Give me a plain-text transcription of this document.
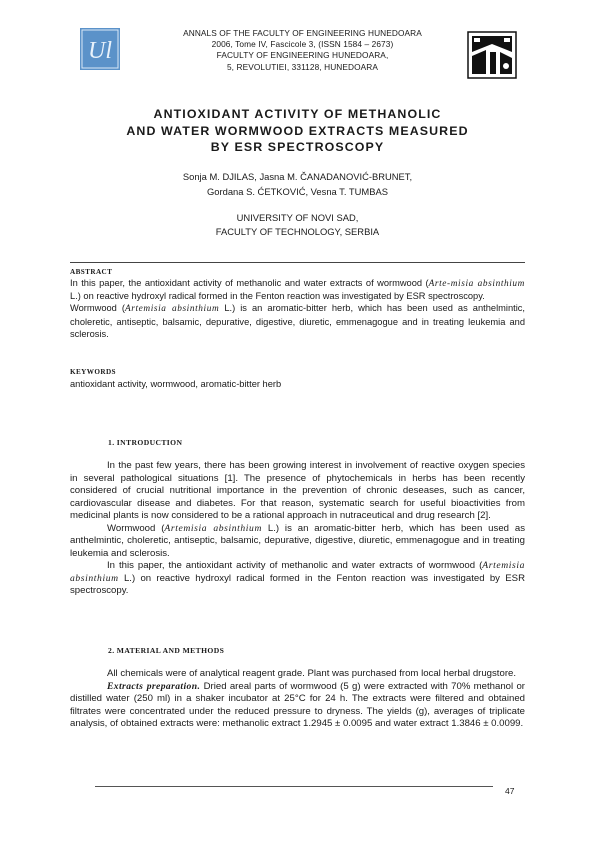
Ul
ANNALS OF THE FACULTY OF ENGINEERING HUNEDOARA
2006, Tome IV, Fascicole 3, (ISSN 1584 – 2673)
FACULTY OF ENGINEERING HUNEDOARA,
5, REVOLUTIEI, 331128, HUNEDOARA
ANTIOXIDANT ACTIVITY OF METHANOLIC
AND WATER WORMWOOD EXTRACTS MEASURED
BY ESR SPECTROSCOPY
Sonja M. DJILAS, Jasna M. ČANADANOVIĆ-BRUNET,
Gordana S. ĆETKOVIĆ, Vesna T. TUMBAS
UNIVERSITY OF NOVI SAD,
FACULTY OF TECHNOLOGY, SERBIA
ABSTRACT

In this paper, the antioxidant activity of methanolic and water extracts of wormwood (Arte-misia absinthium L.) on reactive hydroxyl radical formed in the Fenton reaction was investigated by ESR spectroscopy.

Wormwood (Artemisia absinthium L.) is an aromatic-bitter herb, which has been used as anthelmintic, choleretic, antiseptic, balsamic, depurative, digestive, diuretic, emmenagogue and in treating leukemia and sclerosis.

KEYWORDS
antioxidant activity, wormwood, aromatic-bitter herb
1. INTRODUCTION

In the past few years, there has been growing interest in involvement of reactive oxygen species in several pathological situations [1]. The presence of phytochemicals in herbs has been recently considered of crucial nutritional importance in the prevention of chronic deseases, such as cancer, cardiovascular disease and diabetes. For that reason, systematic search for useful bioactivities from medicinal plants is now considered to be a rational approach in nutraceutical and drug research [2].

Wormwood (Artemisia absinthium L.) is an aromatic-bitter herb, which has been used as anthelmintic, choleretic, antiseptic, balsamic, depurative, digestive, diuretic, emmenagogue and in treating leukemia and sclerosis.

In this paper, the antioxidant activity of methanolic and water extracts of wormwood (Artemisia absinthium L.) on reactive hydroxyl radical formed in the Fenton reaction was investigated by ESR spectroscopy.

2. MATERIAL AND METHODS

All chemicals were of analytical reagent grade. Plant was purchased from local herbal drugstore.

Extracts preparation. Dried areal parts of wormwood (5 g) were extracted with 70% methanol or distilled water (250 ml) in a shaker incubator at 25°C for 24 h. The extracts were filtered and obtained filtrates were concentrated under the reduced pressure to dryness. The yields (g), averages of triplicate analysis, of obtained extracts were: methanolic extract 1.2945 ± 0.0095 and water extract 1.3846 ± 0.0099.

47
